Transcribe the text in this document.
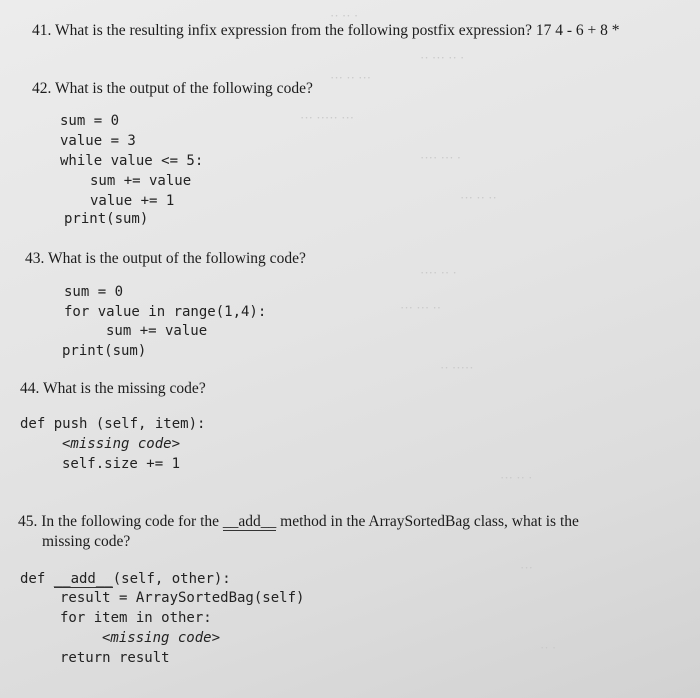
·· ·· ·
·· ··· ·· ·
··· ·· ···
··· ····· ···
···· ··· ·
··· ·· ··
···· ·· ·
··· ··· ··
·· ·····
··· ·· ·
···
·· ·
41. What is the resulting infix expression from the following postfix expression? 17 4 - 6 + 8 *
42. What is the output of the following code?
sum = 0
value = 3
while value <= 5:
sum += value
value += 1
print(sum)
43. What is the output of the following code?
sum = 0
for value in range(1,4):
sum += value
print(sum)
44. What is the missing code?
def push (self, item):
<missing code>
self.size += 1
45. In the following code for the __add__ method in the ArraySortedBag class, what is the
missing code?
def __add__(self, other):
result = ArraySortedBag(self)
for item in other:
<missing code>
return result
